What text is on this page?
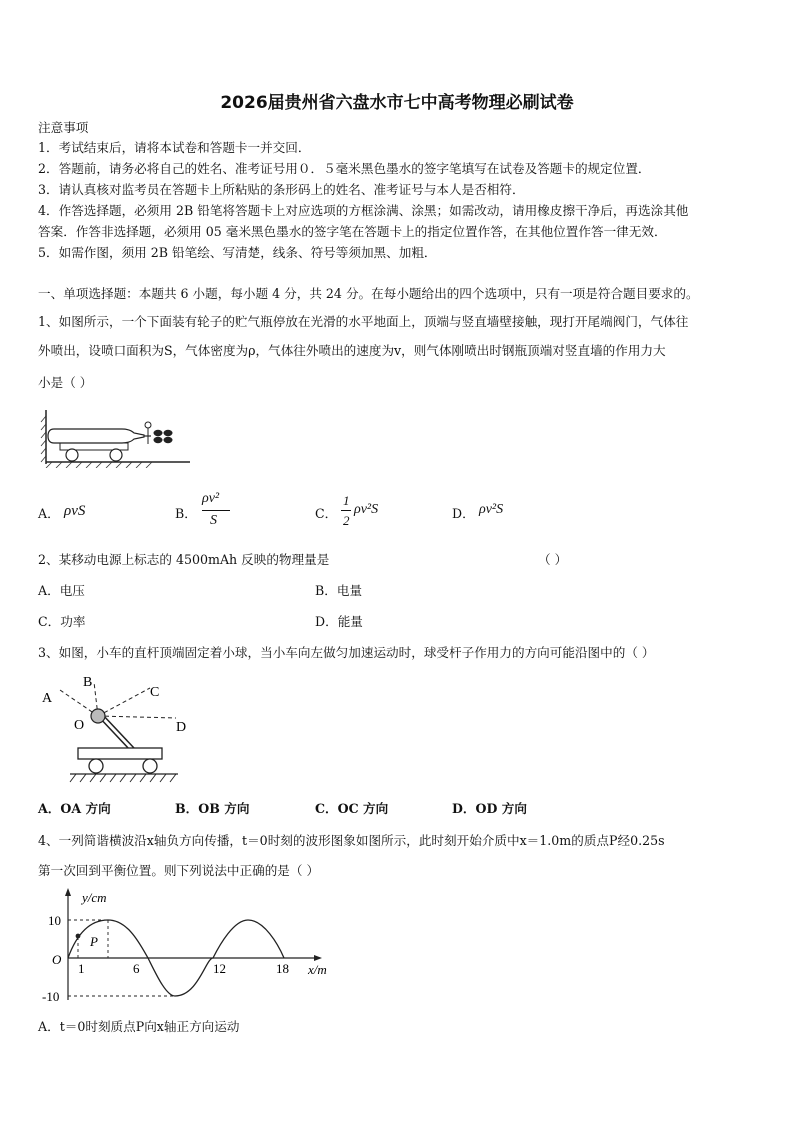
2026届贵州省六盘水市七中高考物理必刷试卷
注意事项
1．考试结束后，请将本试卷和答题卡一并交回．
2．答题前，请务必将自己的姓名、准考证号用０．５毫米黑色墨水的签字笔填写在试卷及答题卡的规定位置．
3．请认真核对监考员在答题卡上所粘贴的条形码上的姓名、准考证号与本人是否相符．
4．作答选择题，必须用 2B 铅笔将答题卡上对应选项的方框涂满、涂黑；如需改动，请用橡皮擦干净后，再选涂其他
答案．作答非选择题，必须用 05 毫米黑色墨水的签字笔在答题卡上的指定位置作答，在其他位置作答一律无效．
5．如需作图，须用 2B 铅笔绘、写清楚，线条、符号等须加黑、加粗．
一、单项选择题：本题共 6 小题，每小题 4 分，共 24 分。在每小题给出的四个选项中，只有一项是符合题目要求的。
1、如图所示，一个下面装有轮子的贮气瓶停放在光滑的水平地面上，顶端与竖直墙壁接触，现打开尾端阀门，气体往
外喷出，设喷口面积为S，气体密度为ρ，气体往外喷出的速度为v，则气体刚喷出时钢瓶顶端对竖直墙的作用力大
小是（ ）
A． ρvS	B．
ρv²
S	C．
1
2
ρv²S	D． ρv²S
2、某移动电源上标志的 4500mAh 反映的物理量是	（ ）
A．电压	B．电量
C．功率	D．能量
3、如图，小车的直杆顶端固定着小球，当小车向左做匀加速运动时，球受杆子作用力的方向可能沿图中的（ ）
A
B
C
D
O
A．OA 方向	B．OB 方向	C．OC 方向	D．OD 方向
4、一列简谐横波沿x轴负方向传播，t＝0时刻的波形图象如图所示，此时刻开始介质中x＝1.0m的质点P经0.25s
第一次回到平衡位置。则下列说法中正确的是（ ）
y/cm
x/m
O
P
10
-10
1	6	12	18
A．t＝0时刻质点P向x轴正方向运动
